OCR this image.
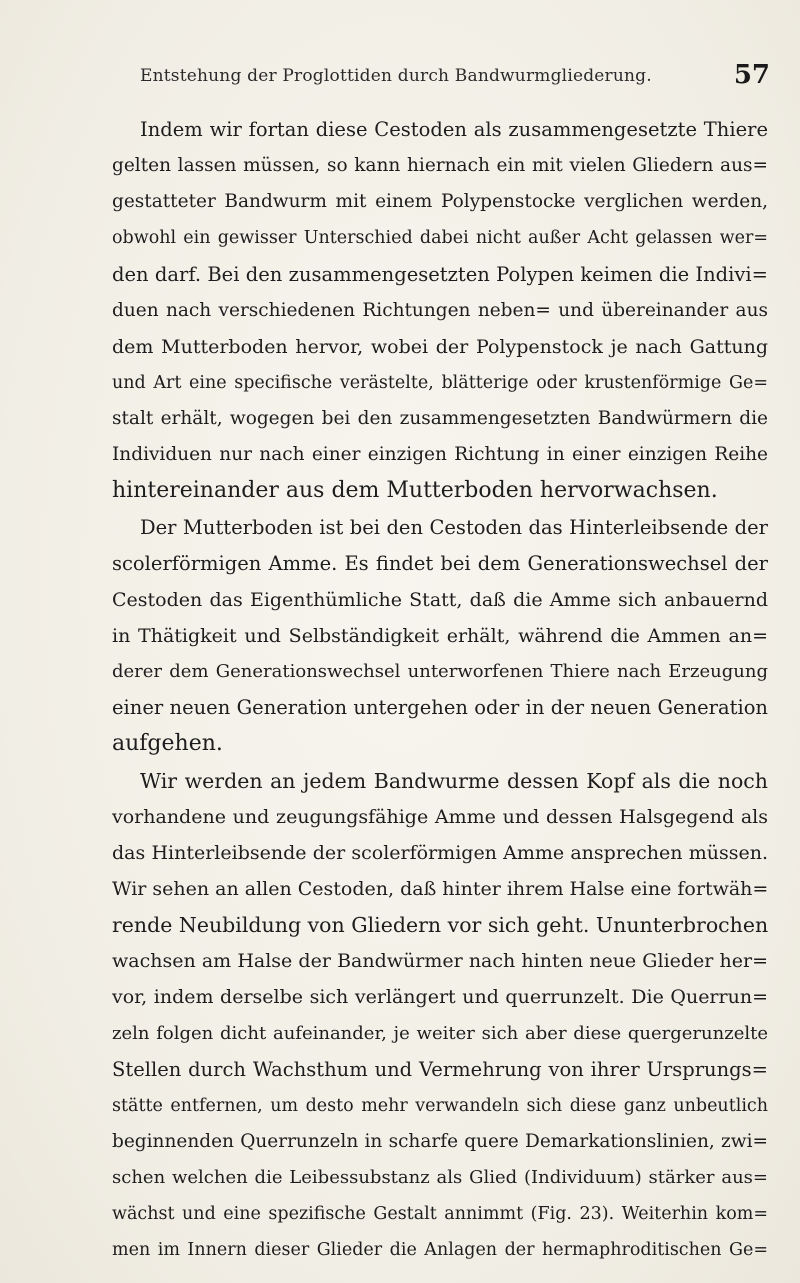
Entstehung der Proglottiden durch Bandwurmgliederung.	57
Indem wir fortan diese Cestoden als zusammengesetzte Thiere
gelten lassen müssen, so kann hiernach ein mit vielen Gliedern aus=
gestatteter Bandwurm mit einem Polypenstocke verglichen werden,
obwohl ein gewisser Unterschied dabei nicht außer Acht gelassen wer=
den darf. Bei den zusammengesetzten Polypen keimen die Indivi=
duen nach verschiedenen Richtungen neben= und übereinander aus
dem Mutterboden hervor, wobei der Polypenstock je nach Gattung
und Art eine specifische verästelte, blätterige oder krustenförmige Ge=
stalt erhält, wogegen bei den zusammengesetzten Bandwürmern die
Individuen nur nach einer einzigen Richtung in einer einzigen Reihe
hintereinander aus dem Mutterboden hervorwachsen.
Der Mutterboden ist bei den Cestoden das Hinterleibsende der
scolerförmigen Amme. Es findet bei dem Generationswechsel der
Cestoden das Eigenthümliche Statt, daß die Amme sich anbauernd
in Thätigkeit und Selbständigkeit erhält, während die Ammen an=
derer dem Generationswechsel unterworfenen Thiere nach Erzeugung
einer neuen Generation untergehen oder in der neuen Generation
aufgehen.
Wir werden an jedem Bandwurme dessen Kopf als die noch
vorhandene und zeugungsfähige Amme und dessen Halsgegend als
das Hinterleibsende der scolerförmigen Amme ansprechen müssen.
Wir sehen an allen Cestoden, daß hinter ihrem Halse eine fortwäh=
rende Neubildung von Gliedern vor sich geht. Ununterbrochen
wachsen am Halse der Bandwürmer nach hinten neue Glieder her=
vor, indem derselbe sich verlängert und querrunzelt. Die Querrun=
zeln folgen dicht aufeinander, je weiter sich aber diese quergerunzelte
Stellen durch Wachsthum und Vermehrung von ihrer Ursprungs=
stätte entfernen, um desto mehr verwandeln sich diese ganz unbeutlich
beginnenden Querrunzeln in scharfe quere Demarkationslinien, zwi=
schen welchen die Leibessubstanz als Glied (Individuum) stärker aus=
wächst und eine spezifische Gestalt annimmt (Fig. 23). Weiterhin kom=
men im Innern dieser Glieder die Anlagen der hermaphroditischen Ge=
